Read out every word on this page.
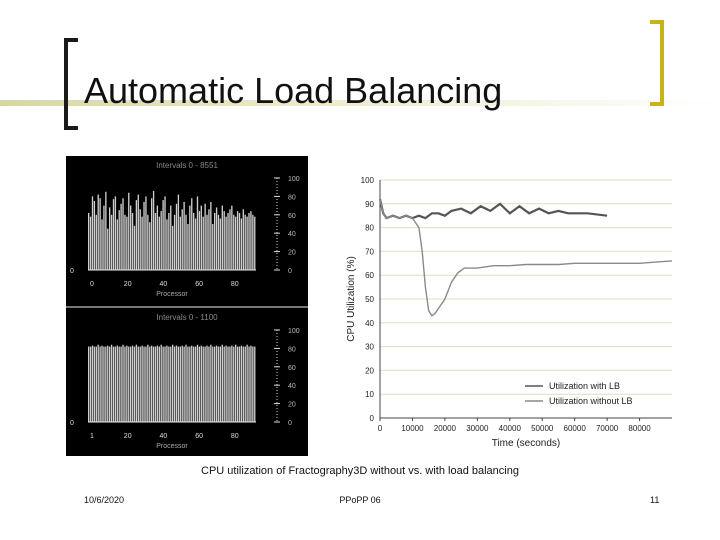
Automatic Load Balancing
Intervals 0 - 8551
0
20
40
60
80
100
0
0	20	40	60	80
Processor
Intervals 0 - 1100
0
20
40
60
80
100
0
1	20	40	60	80
Processor
0
10
20
30
40
50
60
70
80
90
100
0 10000 20000 30000 40000 50000 60000 70000 80000
Time (seconds)
CPU Utilization (%)
Utilization with LB
Utilization without LB
CPU utilization of Fractography3D without vs. with load balancing
10/6/2020	PPoPP 06	11
